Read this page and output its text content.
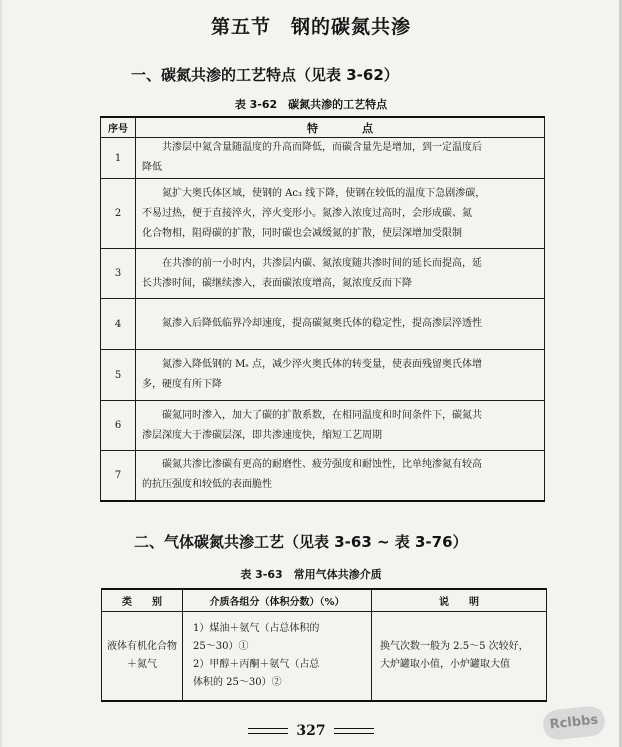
第五节　钢的碳氮共渗
一、碳氮共渗的工艺特点（见表 3-62）
表 3-62　碳氮共渗的工艺特点
序号	特　　　　点
1	共渗层中氮含量随温度的升高而降低，而碳含量先是增加，到一定温度后
降低

2	氮扩大奥氏体区域，使钢的 Ac₃ 线下降，使钢在较低的温度下急剧渗碳，
不易过热，便于直接淬火，淬火变形小。氮渗入浓度过高时，会形成碳、氮
化合物相，阻碍碳的扩散，同时碳也会减缓氮的扩散，使层深增加受限制

3	在共渗的前一小时内，共渗层内碳、氮浓度随共渗时间的延长而提高，延
长共渗时间，碳继续渗入，表面碳浓度增高，氮浓度反而下降

4	氮渗入后降低临界冷却速度，提高碳氮奥氏体的稳定性，提高渗层淬透性

5	氮渗入降低钢的 Mₛ 点，减少淬火奥氏体的转变量，使表面残留奥氏体增
多，硬度有所下降

6	碳氮同时渗入，加大了碳的扩散系数，在相同温度和时间条件下，碳氮共
渗层深度大于渗碳层深，即共渗速度快，缩短工艺周期

7	碳氮共渗比渗碳有更高的耐磨性、疲劳强度和耐蚀性，比单纯渗氮有较高
的抗压强度和较低的表面脆性
二、气体碳氮共渗工艺（见表 3-63 ~ 表 3-76）
表 3-63　常用气体共渗介质
类　　别	介质各组分（体积分数）（%）	说　　明
液体有机化合物＋氮气	1）煤油＋氨气（占总体积的
25～30）①
2）甲醇＋丙酮＋氨气（占总
体积的 25～30）②	换气次数一般为 2.5～5 次较好，大炉罐取小值，小炉罐取大值
327	Rclbbs
